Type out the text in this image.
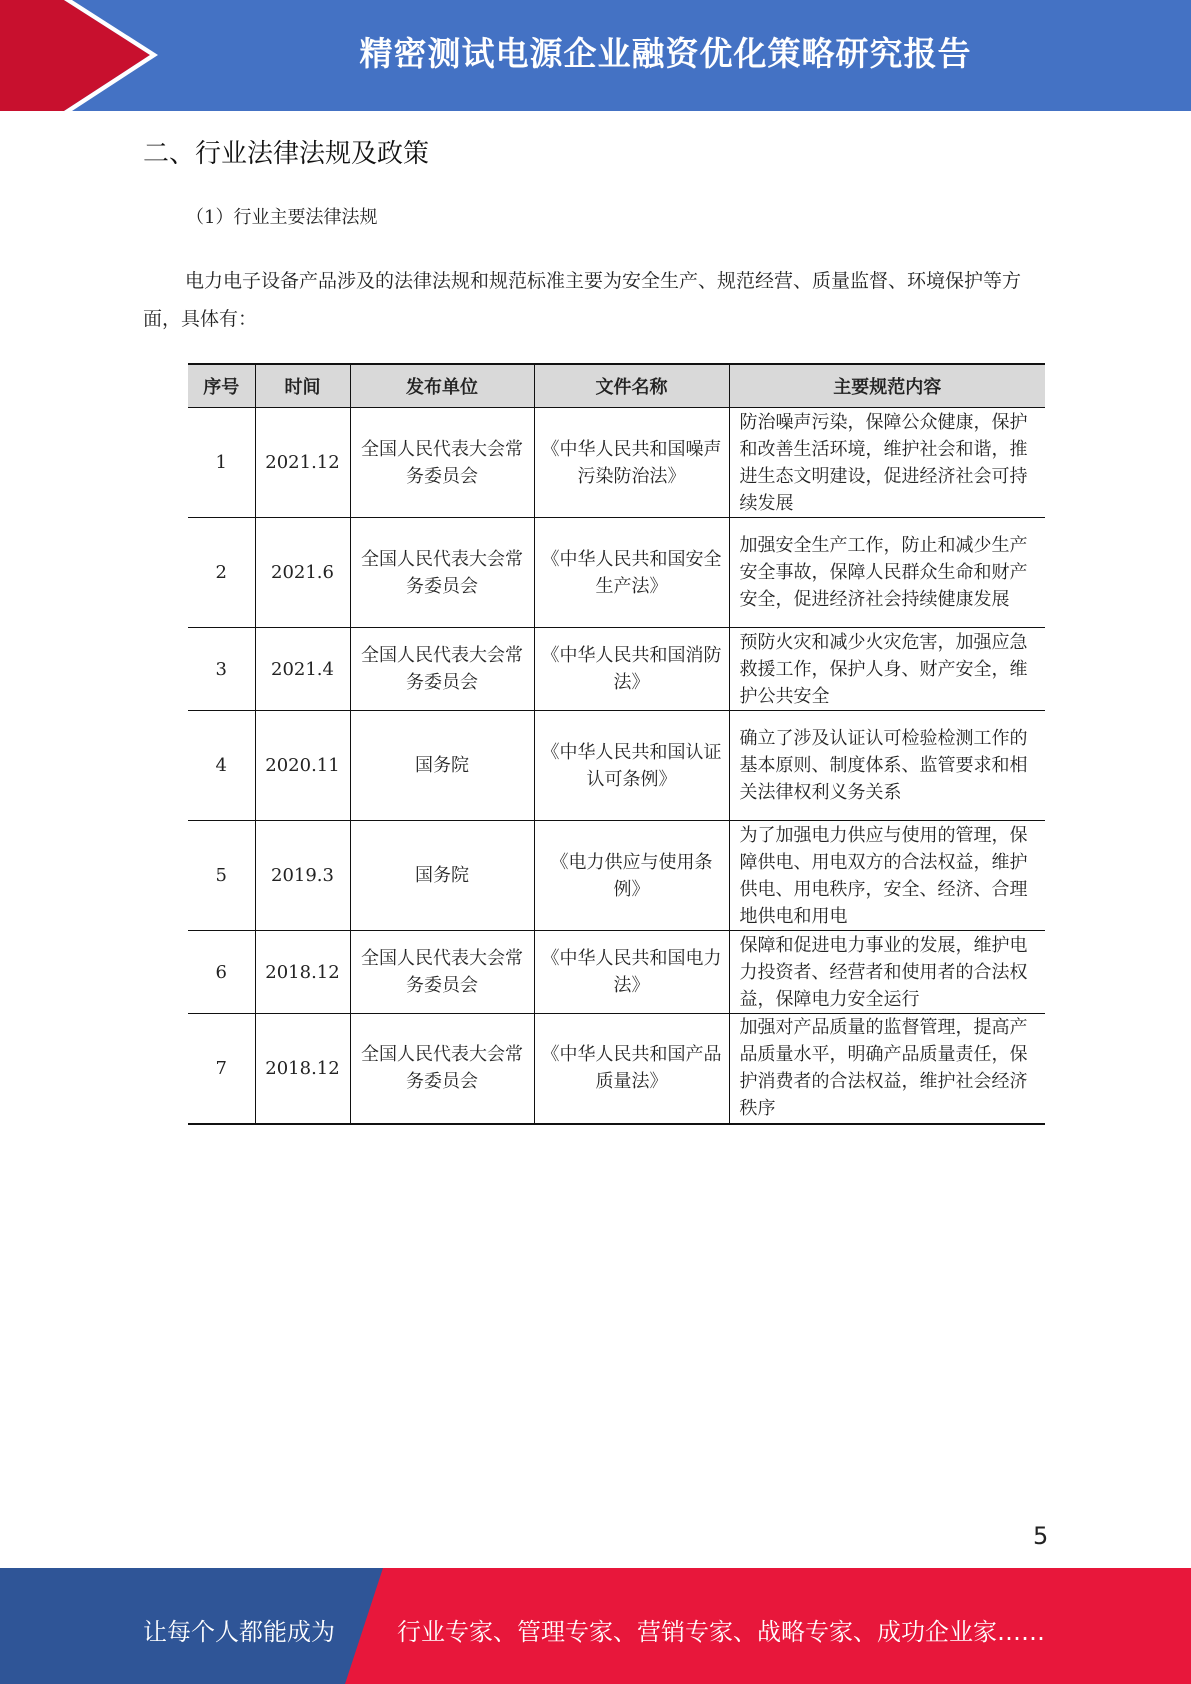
精密测试电源企业融资优化策略研究报告
二、行业法律法规及政策
（1）行业主要法律法规
电力电子设备产品涉及的法律法规和规范标准主要为安全生产、规范经营、质量监督、环境保护等方面，具体有：
序号	时间	发布单位	文件名称	主要规范内容
1	2021.12	全国人民代表大会常务委员会	《中华人民共和国噪声污染防治法》	防治噪声污染，保障公众健康，保护和改善生活环境，维护社会和谐，推进生态文明建设，促进经济社会可持续发展
2	2021.6	全国人民代表大会常务委员会	《中华人民共和国安全生产法》	加强安全生产工作，防止和减少生产安全事故，保障人民群众生命和财产安全，促进经济社会持续健康发展
3	2021.4	全国人民代表大会常务委员会	《中华人民共和国消防法》	预防火灾和减少火灾危害，加强应急救援工作，保护人身、财产安全，维护公共安全
4	2020.11	国务院	《中华人民共和国认证认可条例》	确立了涉及认证认可检验检测工作的基本原则、制度体系、监管要求和相关法律权利义务关系
5	2019.3	国务院	《电力供应与使用条例》	为了加强电力供应与使用的管理，保障供电、用电双方的合法权益，维护供电、用电秩序，安全、经济、合理地供电和用电
6	2018.12	全国人民代表大会常务委员会	《中华人民共和国电力法》	保障和促进电力事业的发展，维护电力投资者、经营者和使用者的合法权益，保障电力安全运行
7	2018.12	全国人民代表大会常务委员会	《中华人民共和国产品质量法》	加强对产品质量的监督管理，提高产品质量水平，明确产品质量责任，保护消费者的合法权益，维护社会经济秩序
5
让每个人都能成为	行业专家、管理专家、营销专家、战略专家、成功企业家……
